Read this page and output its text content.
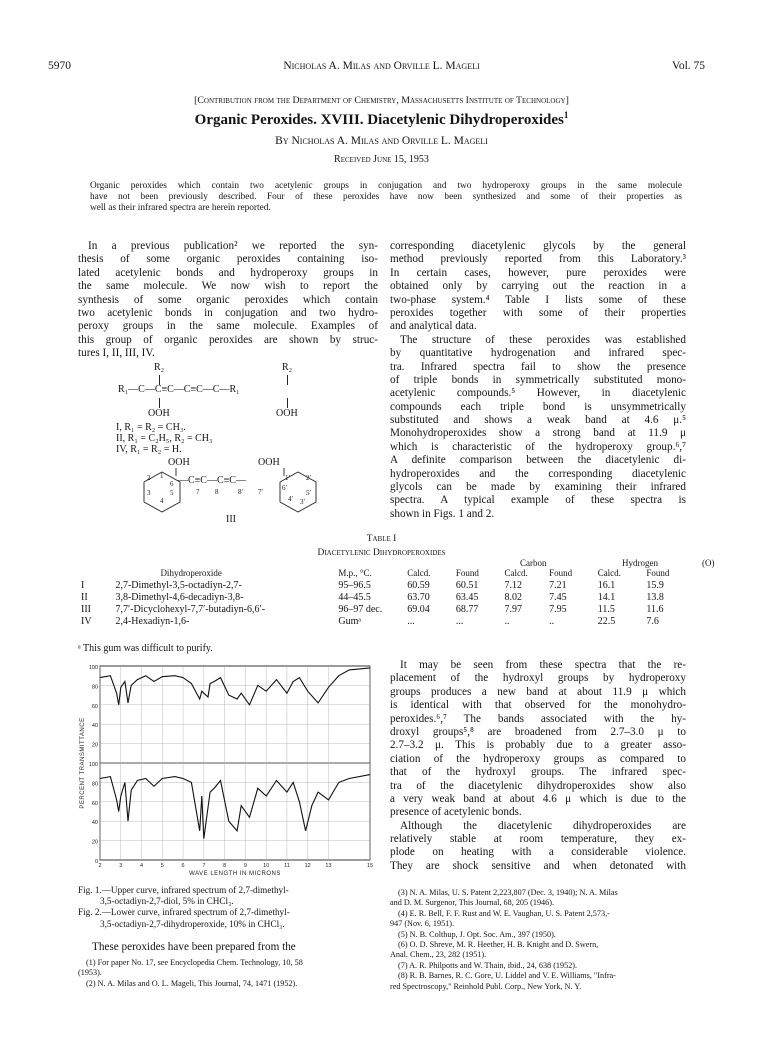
5970	Nicholas A. Milas and Orville L. Mageli	Vol. 75
[Contribution from the Department of Chemistry, Massachusetts Institute of Technology]
Organic Peroxides. XVIII. Diacetylenic Dihydroperoxides$^1$
By Nicholas A. Milas and Orville L. Mageli
Received June 15, 1953
Organic peroxides which contain two acetylenic groups in conjugation and two hydroperoxy groups in the same molecule
have not been previously described. Four of these peroxides have now been synthesized and some of their properties as
well as their infrared spectra are herein reported.
In a previous publication² we reported the syn-
thesis of some organic peroxides containing iso-
lated acetylenic bonds and hydroperoxy groups in
the same molecule. We now wish to report the
synthesis of some organic peroxides which contain
two acetylenic bonds in conjugation and two hydro-
peroxy groups in the same molecule. Examples of
this group of organic peroxides are shown by struc-
tures I, II, III, IV.
R₂	R₂
R₁—C—C≡C—C≡C—C—R₁
OOH	OOH
I, R₁ = R₂ = CH₃.
II, R₁ = C₂H₅, R₂ = CH₃
IV, R₁ = R₂ = H.
OOH	OOH
—C≡C—C≡C—
2 1
6
3
4
5	7 8	8′ 7′
1′ 2′
6′
5′
4′ 3′
III
corresponding diacetylenic glycols by the general
method previously reported from this Laboratory.³
In certain cases, however, pure peroxides were
obtained only by carrying out the reaction in a
two-phase system.⁴ Table I lists some of these
peroxides together with some of their properties
and analytical data.
The structure of these peroxides was established
by quantitative hydrogenation and infrared spec-
tra. Infrared spectra fail to show the presence
of triple bonds in symmetrically substituted mono-
acetylenic compounds.⁵ However, in diacetylenic
compounds each triple bond is unsymmetrically
substituted and shows a weak band at 4.6 μ.⁵
Monohydroperoxides show a strong band at 11.9 μ
which is characteristic of the hydroperoxy group.⁶,⁷
A definite comparison between the diacetylenic di-
hydroperoxides and the corresponding diacetylenic
glycols can be made by examining their infrared
spectra. A typical example of these spectra is
shown in Figs. 1 and 2.
Table I
Diacetylenic Dihydroperoxides
Carbon	Hydrogen	(O)
	Dihydroperoxide	M.p., °C.	Calcd.	Found	Calcd.	Found	Calcd.	Found
I	2,7-Dimethyl-3,5-octadiyn-2,7-	95–96.5	60.59	60.51	7.12	7.21	16.1	15.9
II	3,8-Dimethyl-4,6-decadiyn-3,8-	44–45.5	63.70	63.45	8.02	7.45	14.1	13.8
III	7,7′-Dicyclohexyl-7,7′-butadiyn-6,6′-	96–97 dec.	69.04	68.77	7.97	7.95	11.5	11.6
IV	2,4-Hexadiyn-1,6-	Gumᵃ	...	...	..	..	22.5	7.6
ᵃ This gum was difficult to purify.
100
80
60
40
20
100
80
60
40
20
0
2	3	4	5	6	7	8	9	10	11	12	13	15
WAVE LENGTH IN MICRONS
PERCENT TRANSMITTANCE
Fig. 1.—Upper curve, infrared spectrum of 2,7-dimethyl-
3,5-octadiyn-2,7-diol, 5% in CHCl₃.
Fig. 2.—Lower curve, infrared spectrum of 2,7-dimethyl-
3,5-octadiyn-2,7-dihydroperoxide, 10% in CHCl₃.
These peroxides have been prepared from the
(1) For paper No. 17, see Encyclopedia Chem. Technology, 10, 58
(1953).
(2) N. A. Milas and O. L. Mageli, This Journal, 74, 1471 (1952).
It may be seen from these spectra that the re-
placement of the hydroxyl groups by hydroperoxy
groups produces a new band at about 11.9 μ which
is identical with that observed for the monohydro-
peroxides.⁶,⁷ The bands associated with the hy-
droxyl groups⁵,⁸ are broadened from 2.7–3.0 μ to
2.7–3.2 μ. This is probably due to a greater asso-
ciation of the hydroperoxy groups as compared to
that of the hydroxyl groups. The infrared spec-
tra of the diacetylenic dihydroperoxides show also
a very weak band at about 4.6 μ which is due to the
presence of acetylenic bonds.
Although the diacetylenic dihydroperoxides are
relatively stable at room temperature, they ex-
plode on heating with a considerable violence.
They are shock sensitive and when detonated with
(3) N. A. Milas, U. S. Patent 2,223,807 (Dec. 3, 1940); N. A. Milas
and D. M. Surgenor, This Journal, 68, 205 (1946).
(4) E. R. Bell, F. F. Rust and W. E. Vaughan, U. S. Patent 2,573,-
947 (Nov. 6, 1951).
(5) N. B. Colthup, J. Opt. Soc. Am., 397 (1950).
(6) O. D. Shreve, M. R. Heether, H. B. Knight and D. Swern,
Anal. Chem., 23, 282 (1951).
(7) A. R. Philpotts and W. Thain, ibid., 24, 638 (1952).
(8) R. B. Barnes, R. C. Gore, U. Liddel and V. E. Williams, "Infra-
red Spectroscopy," Reinhold Publ. Corp., New York, N. Y.
